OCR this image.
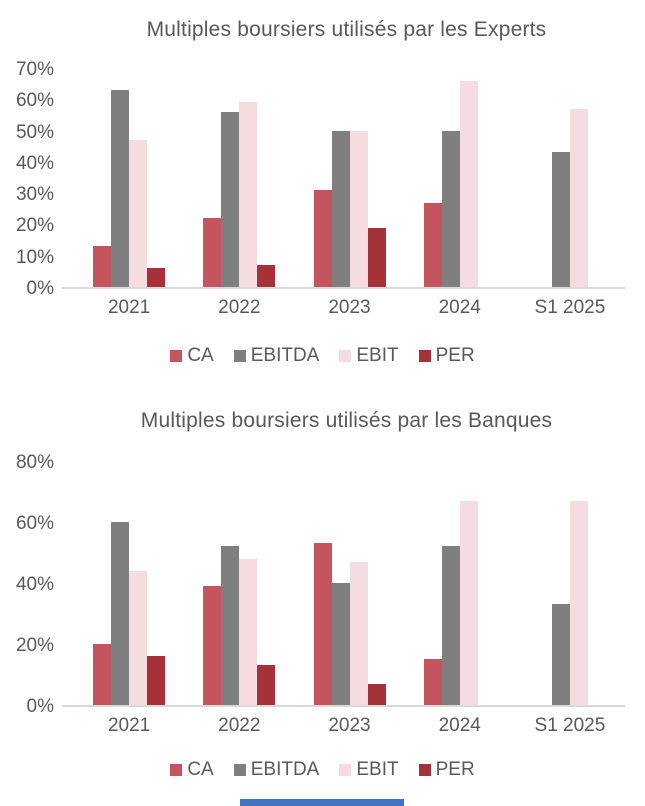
Multiples boursiers utilisés par les Experts
70%
60%
50%
40%
30%
20%
10%
0%
2021	2022	2023	2024	S1 2025
CA EBITDA EBIT PER
Multiples boursiers utilisés par les Banques
80%
60%
40%
20%
0%
2021	2022	2023	2024	S1 2025
CA EBITDA EBIT PER
